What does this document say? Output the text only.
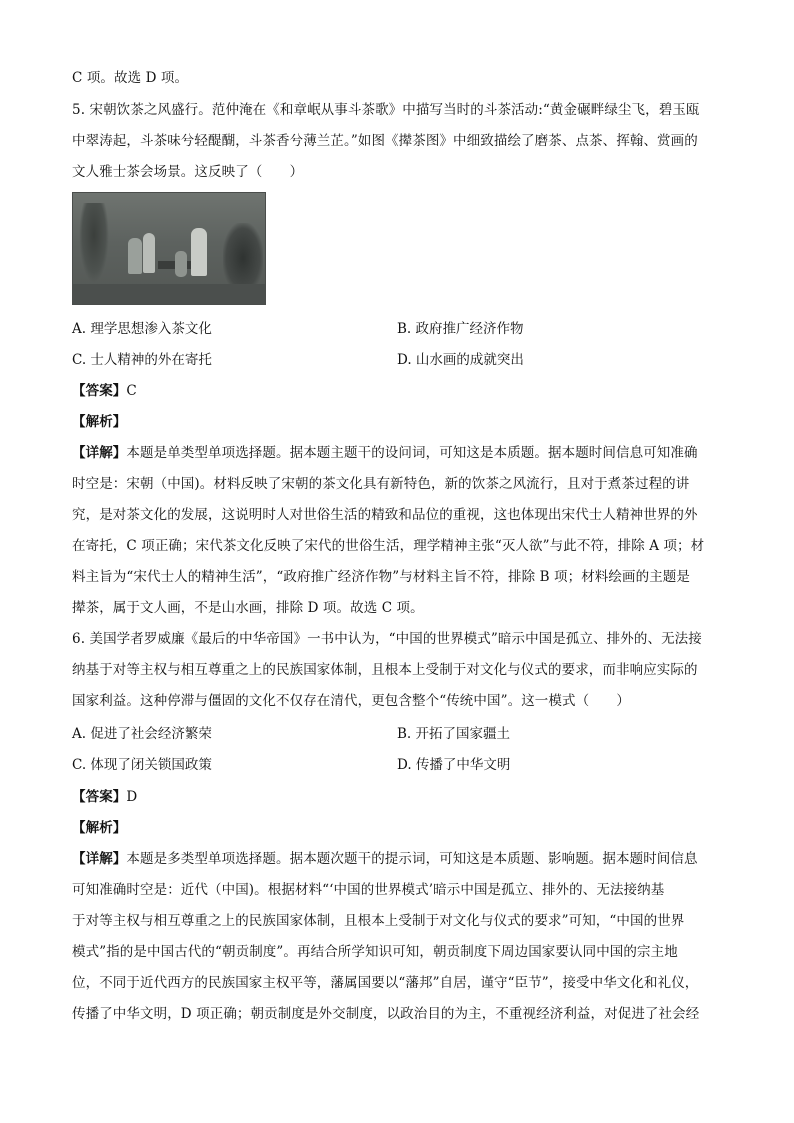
C 项。故选 D 项。
5. 宋朝饮茶之风盛行。范仲淹在《和章岷从事斗茶歌》中描写当时的斗茶活动:“黄金碾畔绿尘飞，碧玉瓯
中翠涛起，斗茶味兮轻醍醐，斗茶香兮薄兰芷。”如图《撵茶图》中细致描绘了磨茶、点茶、挥翰、赏画的
文人雅士茶会场景。这反映了（　　）
A. 理学思想渗入茶文化	B. 政府推广经济作物
C. 士人精神的外在寄托	D. 山水画的成就突出
【答案】C
【解析】
【详解】本题是单类型单项选择题。据本题主题干的设问词，可知这是本质题。据本题时间信息可知准确
时空是：宋朝（中国)。材料反映了宋朝的茶文化具有新特色，新的饮茶之风流行，且对于煮茶过程的讲
究，是对茶文化的发展，这说明时人对世俗生活的精致和品位的重视，这也体现出宋代士人精神世界的外
在寄托，C 项正确；宋代茶文化反映了宋代的世俗生活，理学精神主张“灭人欲”与此不符，排除 A 项；材
料主旨为“宋代士人的精神生活”，“政府推广经济作物”与材料主旨不符，排除 B 项；材料绘画的主题是
撵茶，属于文人画，不是山水画，排除 D 项。故选 C 项。
6. 美国学者罗威廉《最后的中华帝国》一书中认为，“中国的世界模式”暗示中国是孤立、排外的、无法接
纳基于对等主权与相互尊重之上的民族国家体制，且根本上受制于对文化与仪式的要求，而非响应实际的
国家利益。这种停滞与僵固的文化不仅存在清代，更包含整个“传统中国”。这一模式（　　）
A. 促进了社会经济繁荣	B. 开拓了国家疆土
C. 体现了闭关锁国政策	D. 传播了中华文明
【答案】D
【解析】
【详解】本题是多类型单项选择题。据本题次题干的提示词，可知这是本质题、影响题。据本题时间信息
可知准确时空是：近代（中国)。根据材料“‘中国的世界模式’暗示中国是孤立、排外的、无法接纳基
于对等主权与相互尊重之上的民族国家体制，且根本上受制于对文化与仪式的要求”可知，“中国的世界
模式”指的是中国古代的“朝贡制度”。再结合所学知识可知，朝贡制度下周边国家要认同中国的宗主地
位，不同于近代西方的民族国家主权平等，藩属国要以“藩邦”自居，谨守“臣节”，接受中华文化和礼仪，
传播了中华文明，D 项正确；朝贡制度是外交制度，以政治目的为主，不重视经济利益，对促进了社会经
